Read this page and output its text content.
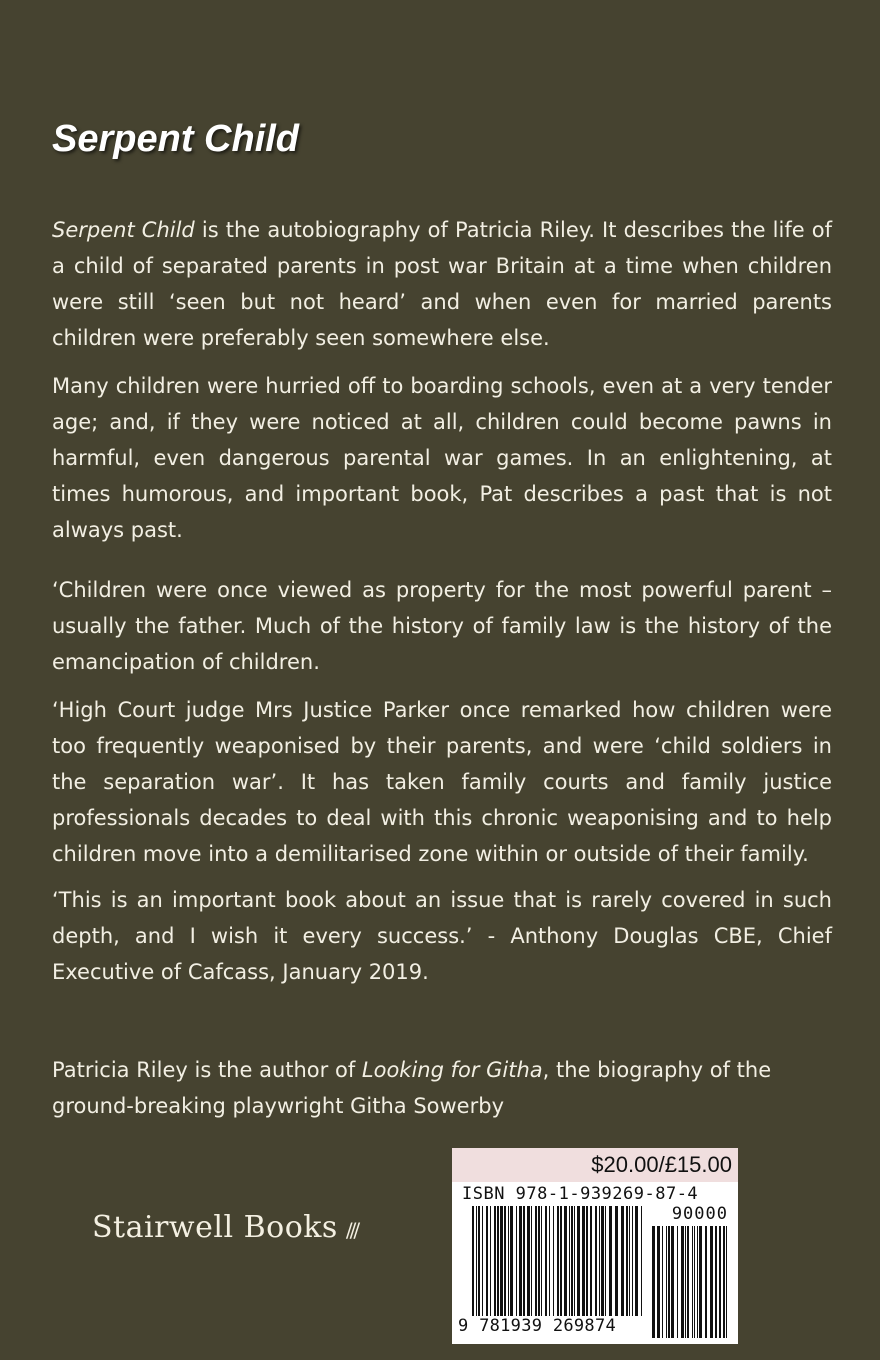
Serpent Child

Serpent Child is the autobiography of Patricia Riley. It describes the life of a child of separated parents in post war Britain at a time when children were still ‘seen but not heard’ and when even for married parents children were preferably seen somewhere else.

Many children were hurried off to boarding schools, even at a very tender age; and, if they were noticed at all, children could become pawns in harmful, even dangerous parental war games. In an enlightening, at times humorous, and important book, Pat describes a past that is not always past.

‘Children were once viewed as property for the most powerful parent – usually the father. Much of the history of family law is the history of the emancipation of children.

‘High Court judge Mrs Justice Parker once remarked how children were too frequently weaponised by their parents, and were ‘child soldiers in the separation war’. It has taken family courts and family justice professionals decades to deal with this chronic weaponising and to help children move into a demilitarised zone within or outside of their family.

‘This is an important book about an issue that is rarely covered in such depth, and I wish it every success.’ - Anthony Douglas CBE, Chief Executive of Cafcass, January 2019.

Patricia Riley is the author of Looking for Githa, the biography of the ground-breaking playwright Githa Sowerby

Stairwell Books ///
$20.00/£15.00
ISBN 978-1-939269-87-4
90000
9 781939 269874
